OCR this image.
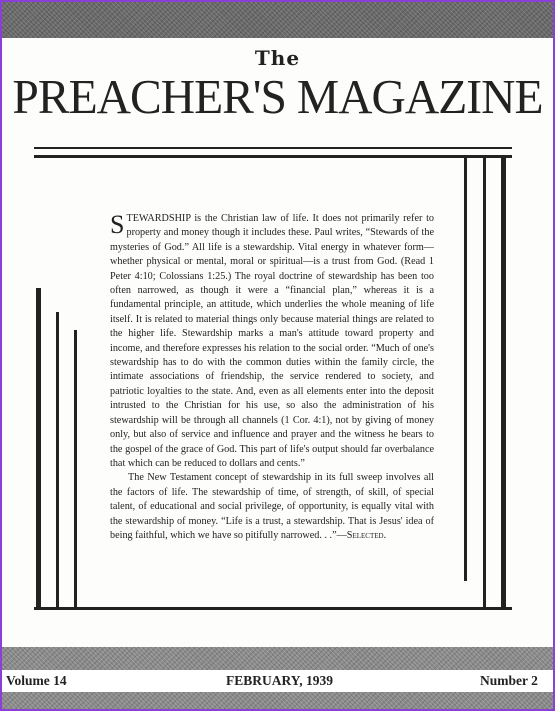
The
PREACHER'S MAGAZINE

STEWARDSHIP is the Christian law of life. It does not primarily refer to property and money though it includes these. Paul writes, “Stewards of the mysteries of God.” All life is a stewardship. Vital energy in whatever form—whether physical or mental, moral or spiritual—is a trust from God. (Read 1 Peter 4:10; Colossians 1:25.) The royal doctrine of stewardship has been too often narrowed, as though it were a “financial plan,” whereas it is a fundamental principle, an attitude, which underlies the whole meaning of life itself. It is related to material things only because material things are related to the higher life. Stewardship marks a man's attitude toward property and income, and therefore expresses his relation to the social order. “Much of one's stewardship has to do with the common duties within the family circle, the intimate associations of friendship, the service rendered to society, and patriotic loyalties to the state. And, even as all elements enter into the deposit intrusted to the Christian for his use, so also the administration of his stewardship will be through all channels (1 Cor. 4:1), not by giving of money only, but also of service and influence and prayer and the witness he bears to the gospel of the grace of God. This part of life's output should far overbalance that which can be reduced to dollars and cents.”

The New Testament concept of stewardship in its full sweep involves all the factors of life. The stewardship of time, of strength, of skill, of special talent, of educational and social privilege, of opportunity, is equally vital with the stewardship of money. “Life is a trust, a stewardship. That is Jesus' idea of being faithful, which we have so pitifully narrowed. . .”—Selected.

Volume 14	FEBRUARY, 1939	Number 2
